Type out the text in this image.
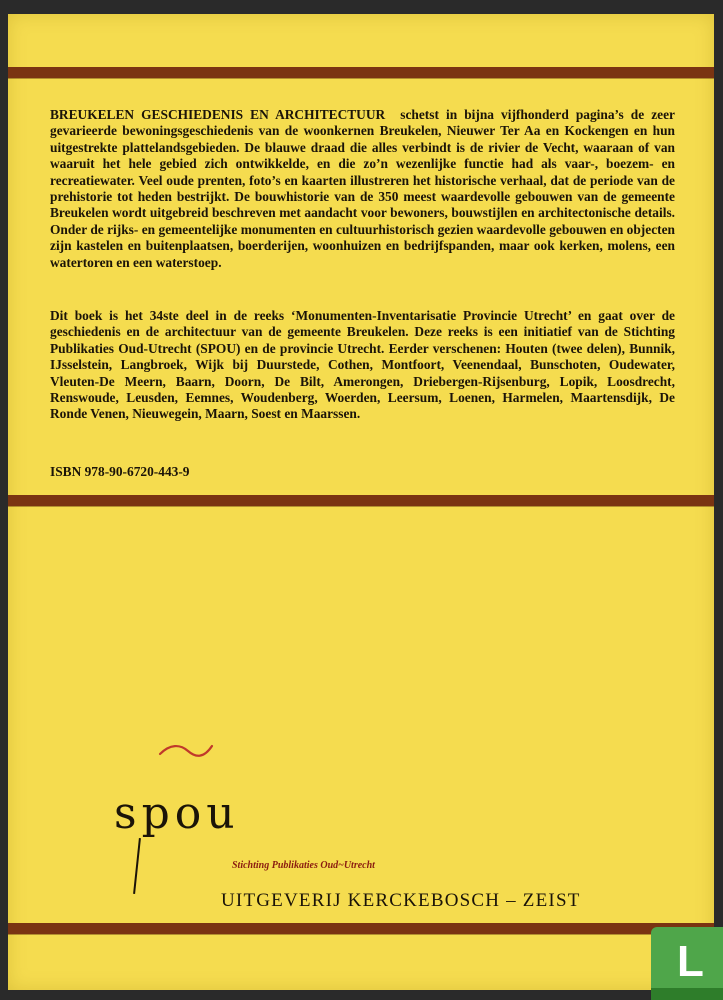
BREUKELEN GESCHIEDENIS EN ARCHITECTUUR schetst in bijna vijfhonderd pagina’s de zeer gevarieerde bewoningsgeschiedenis van de woonkernen Breukelen, Nieuwer Ter Aa en Kockengen en hun uitgestrekte plattelandsgebieden. De blauwe draad die alles verbindt is de rivier de Vecht, waaraan of van waaruit het hele gebied zich ontwikkelde, en die zo’n wezenlijke functie had als vaar-, boezem- en recreatiewater. Veel oude prenten, foto’s en kaarten illustreren het historische verhaal, dat de periode van de prehistorie tot heden bestrijkt. De bouwhistorie van de 350 meest waardevolle gebouwen van de gemeente Breukelen wordt uitgebreid beschreven met aandacht voor bewoners, bouwstijlen en architectonische details. Onder de rijks- en gemeentelijke monumenten en cultuurhistorisch gezien waardevolle gebouwen en objecten zijn kastelen en buitenplaatsen, boerderijen, woonhuizen en bedrijfspanden, maar ook kerken, molens, een watertoren en een waterstoep.

Dit boek is het 34ste deel in de reeks ‘Monumenten-Inventarisatie Provincie Utrecht’ en gaat over de geschiedenis en de architectuur van de gemeente Breukelen. Deze reeks is een initiatief van de Stichting Publikaties Oud-Utrecht (SPOU) en de provincie Utrecht. Eerder verschenen: Houten (twee delen), Bunnik, IJsselstein, Langbroek, Wijk bij Duurstede, Cothen, Montfoort, Veenendaal, Bunschoten, Oudewater, Vleuten-De Meern, Baarn, Doorn, De Bilt, Amerongen, Driebergen-Rijsenburg, Lopik, Loosdrecht, Renswoude, Leusden, Eemnes, Woudenberg, Woerden, Leersum, Loenen, Harmelen, Maartensdijk, De Ronde Venen, Nieuwegein, Maarn, Soest en Maarssen.

ISBN 978-90-6720-443-9

spou
Stichting Publikaties Oud~Utrecht
UITGEVERIJ KERCKEBOSCH – ZEIST
L
